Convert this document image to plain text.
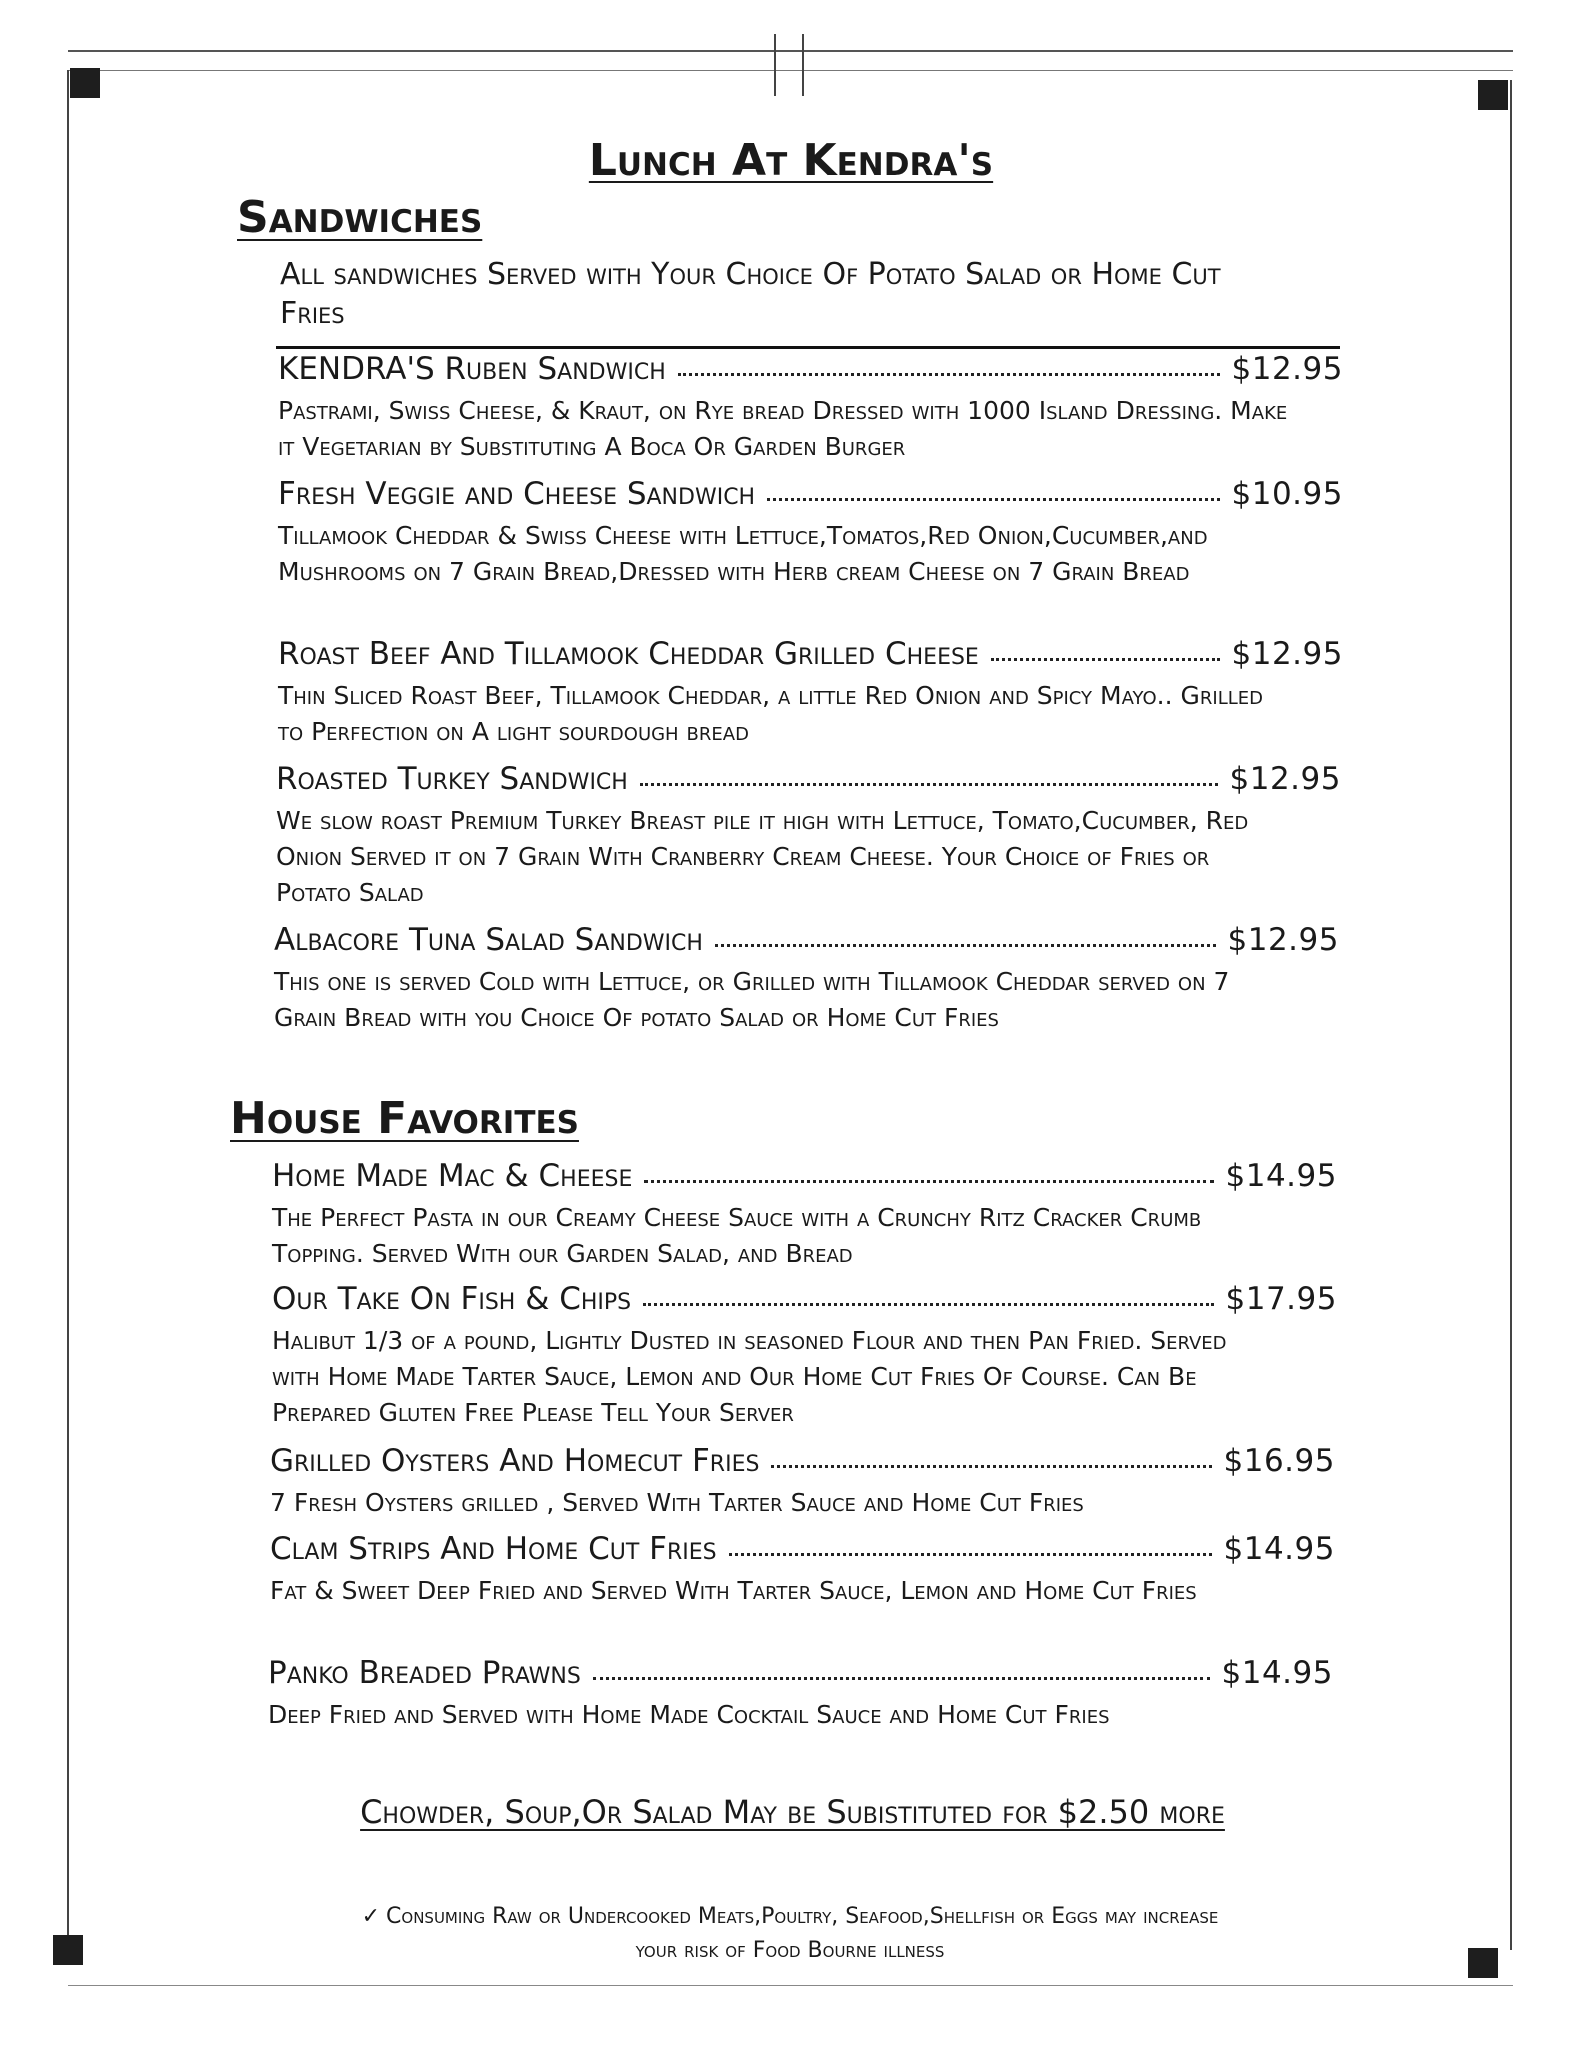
Lunch At Kendra's
Sandwiches

All sandwiches Served with Your Choice Of Potato Salad or Home Cut Fries

KENDRA'S Ruben Sandwich	$12.95

Pastrami, Swiss Cheese, & Kraut, on Rye bread Dressed with 1000 Island Dressing. Make it Vegetarian by Substituting A Boca Or Garden Burger

Fresh Veggie and Cheese Sandwich	$10.95

Tillamook Cheddar & Swiss Cheese with Lettuce,Tomatos,Red Onion,Cucumber,and Mushrooms on 7 Grain Bread,Dressed with Herb cream Cheese on 7 Grain Bread

Roast Beef And Tillamook Cheddar Grilled Cheese	$12.95

Thin Sliced Roast Beef, Tillamook Cheddar, a little Red Onion and Spicy Mayo.. Grilled to Perfection on A light sourdough bread

Roasted Turkey Sandwich	$12.95

We slow roast Premium Turkey Breast pile it high with Lettuce, Tomato,Cucumber, Red Onion Served it on 7 Grain With Cranberry Cream Cheese. Your Choice of Fries or Potato Salad

Albacore Tuna Salad Sandwich	$12.95

This one is served Cold with Lettuce, or Grilled with Tillamook Cheddar served on 7 Grain Bread with you Choice Of potato Salad or Home Cut Fries

House Favorites
Home Made Mac & Cheese	$14.95

The Perfect Pasta in our Creamy Cheese Sauce with a Crunchy Ritz Cracker Crumb Topping. Served With our Garden Salad, and Bread

Our Take On Fish & Chips	$17.95

Halibut 1/3 of a pound, Lightly Dusted in seasoned Flour and then Pan Fried. Served with Home Made Tarter Sauce, Lemon and Our Home Cut Fries Of Course. Can Be Prepared Gluten Free Please Tell Your Server

Grilled Oysters And Homecut Fries	$16.95

7 Fresh Oysters grilled , Served With Tarter Sauce and Home Cut Fries

Clam Strips And Home Cut Fries	$14.95

Fat & Sweet Deep Fried and Served With Tarter Sauce, Lemon and Home Cut Fries

Panko Breaded Prawns	$14.95

Deep Fried and Served with Home Made Cocktail Sauce and Home Cut Fries

Chowder, Soup,Or Salad May be Subistituted for $2.50 more

✓ Consuming Raw or Undercooked Meats,Poultry, Seafood,Shellfish or Eggs may increase
your risk of Food Bourne illness
